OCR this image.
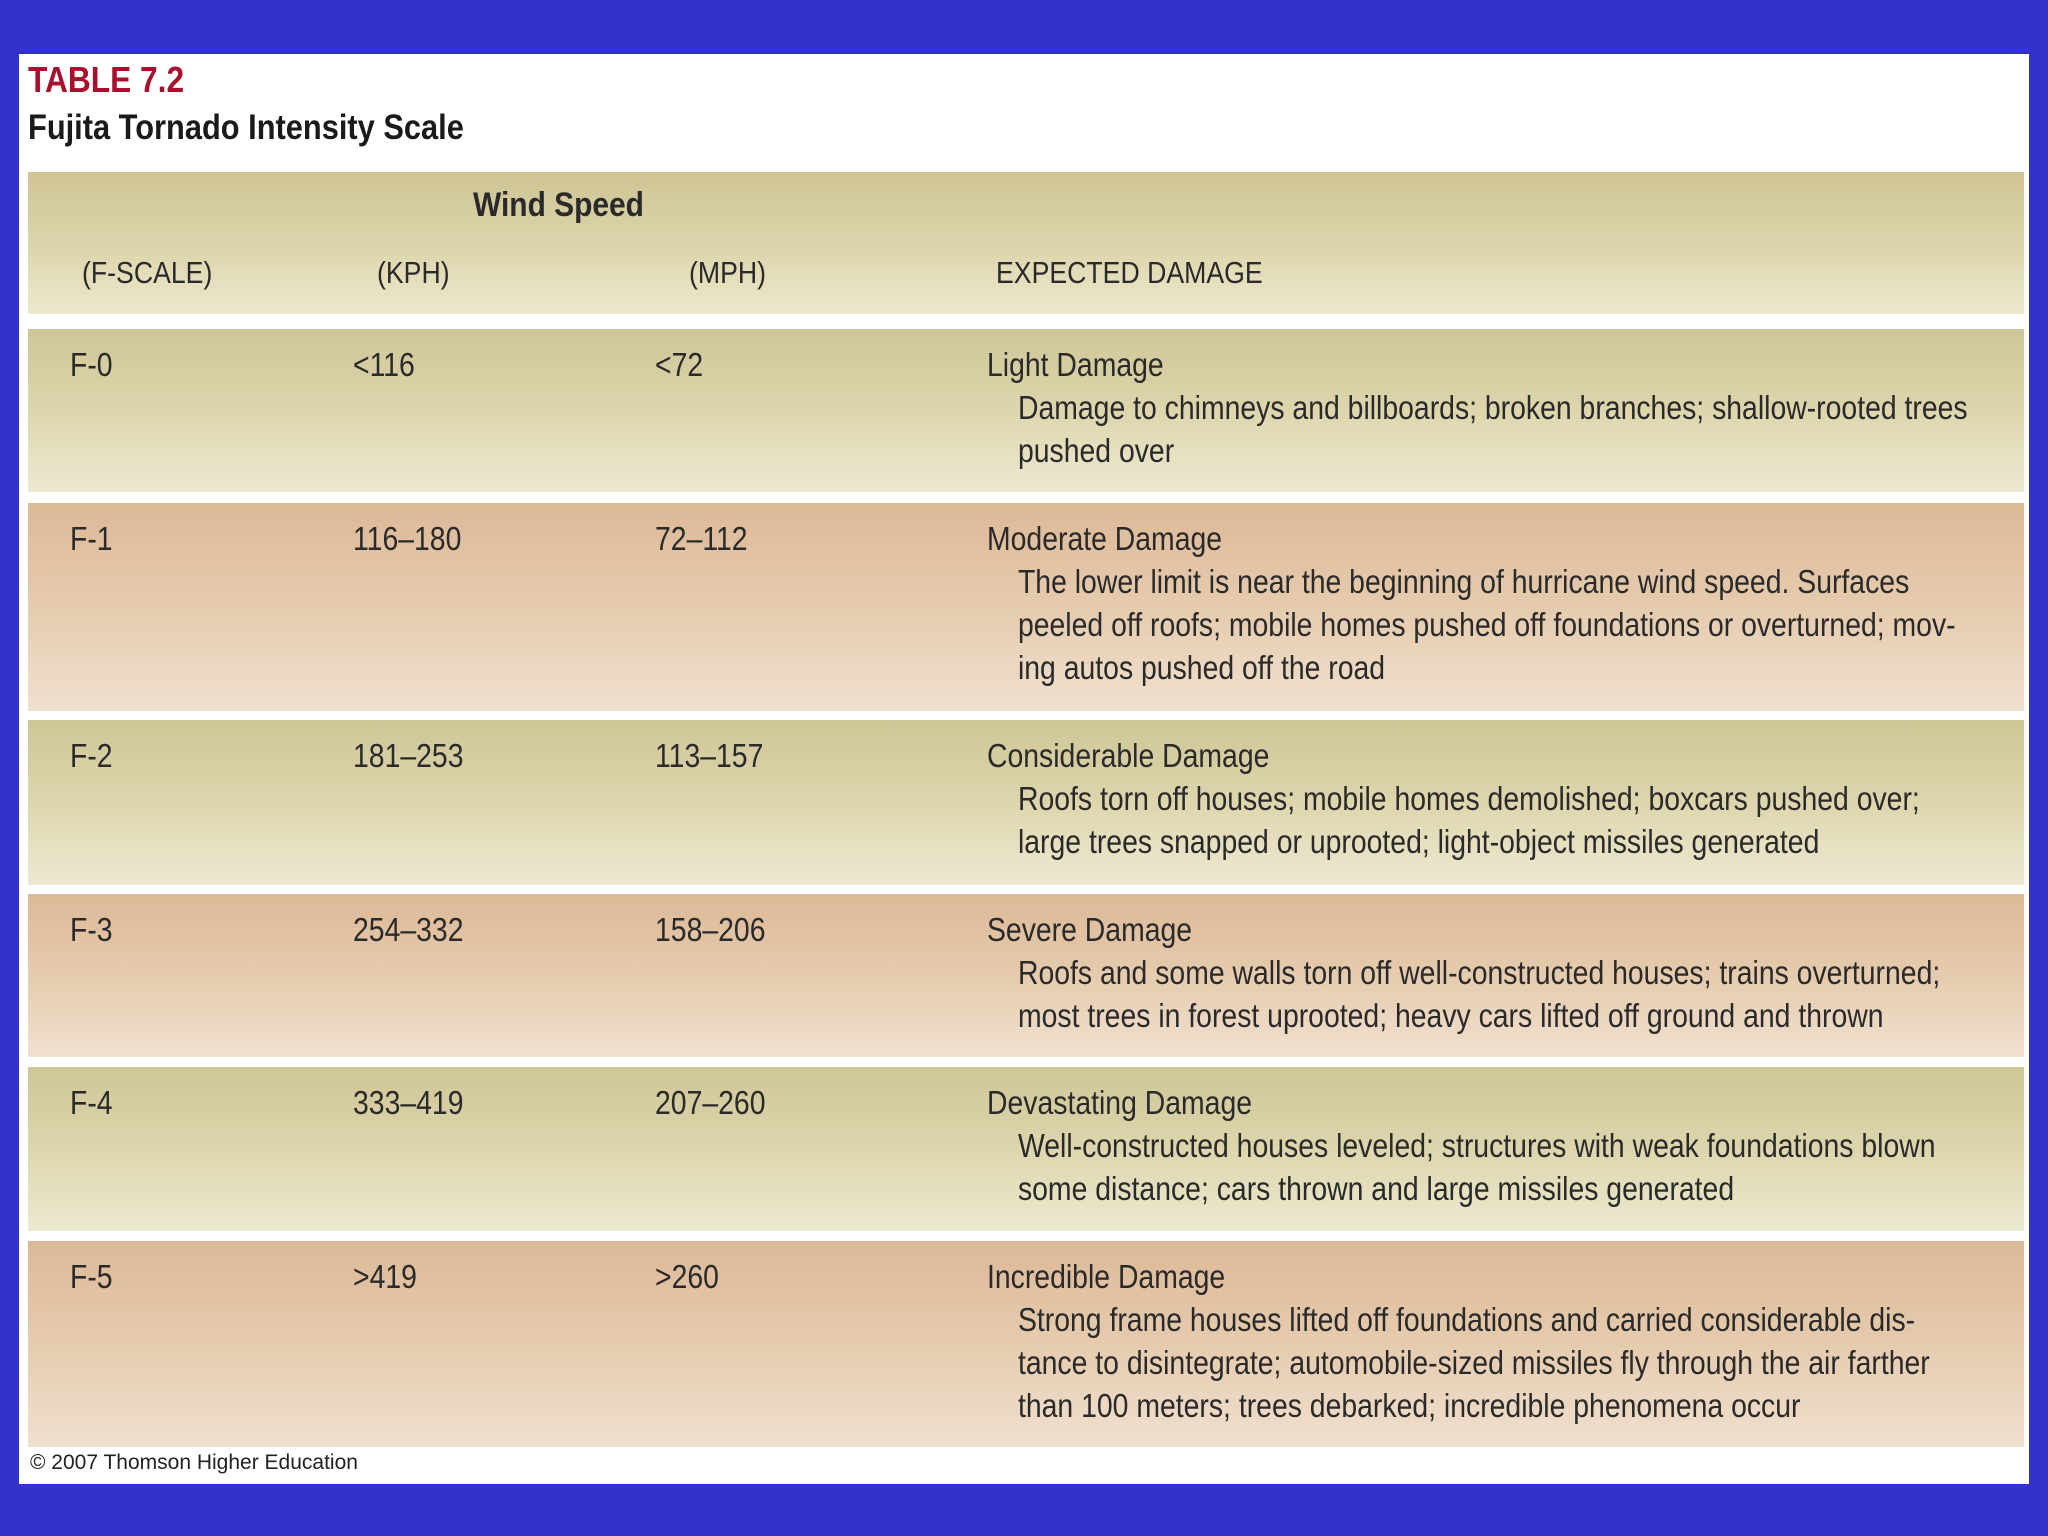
TABLE 7.2
Fujita Tornado Intensity Scale
Wind Speed
(F-SCALE)	(KPH)	(MPH)	EXPECTED DAMAGE
F-0	<116	<72	Light Damage
Damage to chimneys and billboards; broken branches; shallow-rooted trees
pushed over
F-1	116–180	72–112	Moderate Damage
The lower limit is near the beginning of hurricane wind speed. Surfaces
peeled off roofs; mobile homes pushed off foundations or overturned; mov-
ing autos pushed off the road
F-2	181–253	113–157	Considerable Damage
Roofs torn off houses; mobile homes demolished; boxcars pushed over;
large trees snapped or uprooted; light-object missiles generated
F-3	254–332	158–206	Severe Damage
Roofs and some walls torn off well-constructed houses; trains overturned;
most trees in forest uprooted; heavy cars lifted off ground and thrown
F-4	333–419	207–260	Devastating Damage
Well-constructed houses leveled; structures with weak foundations blown
some distance; cars thrown and large missiles generated
F-5	>419	>260	Incredible Damage
Strong frame houses lifted off foundations and carried considerable dis-
tance to disintegrate; automobile-sized missiles fly through the air farther
than 100 meters; trees debarked; incredible phenomena occur
© 2007 Thomson Higher Education
